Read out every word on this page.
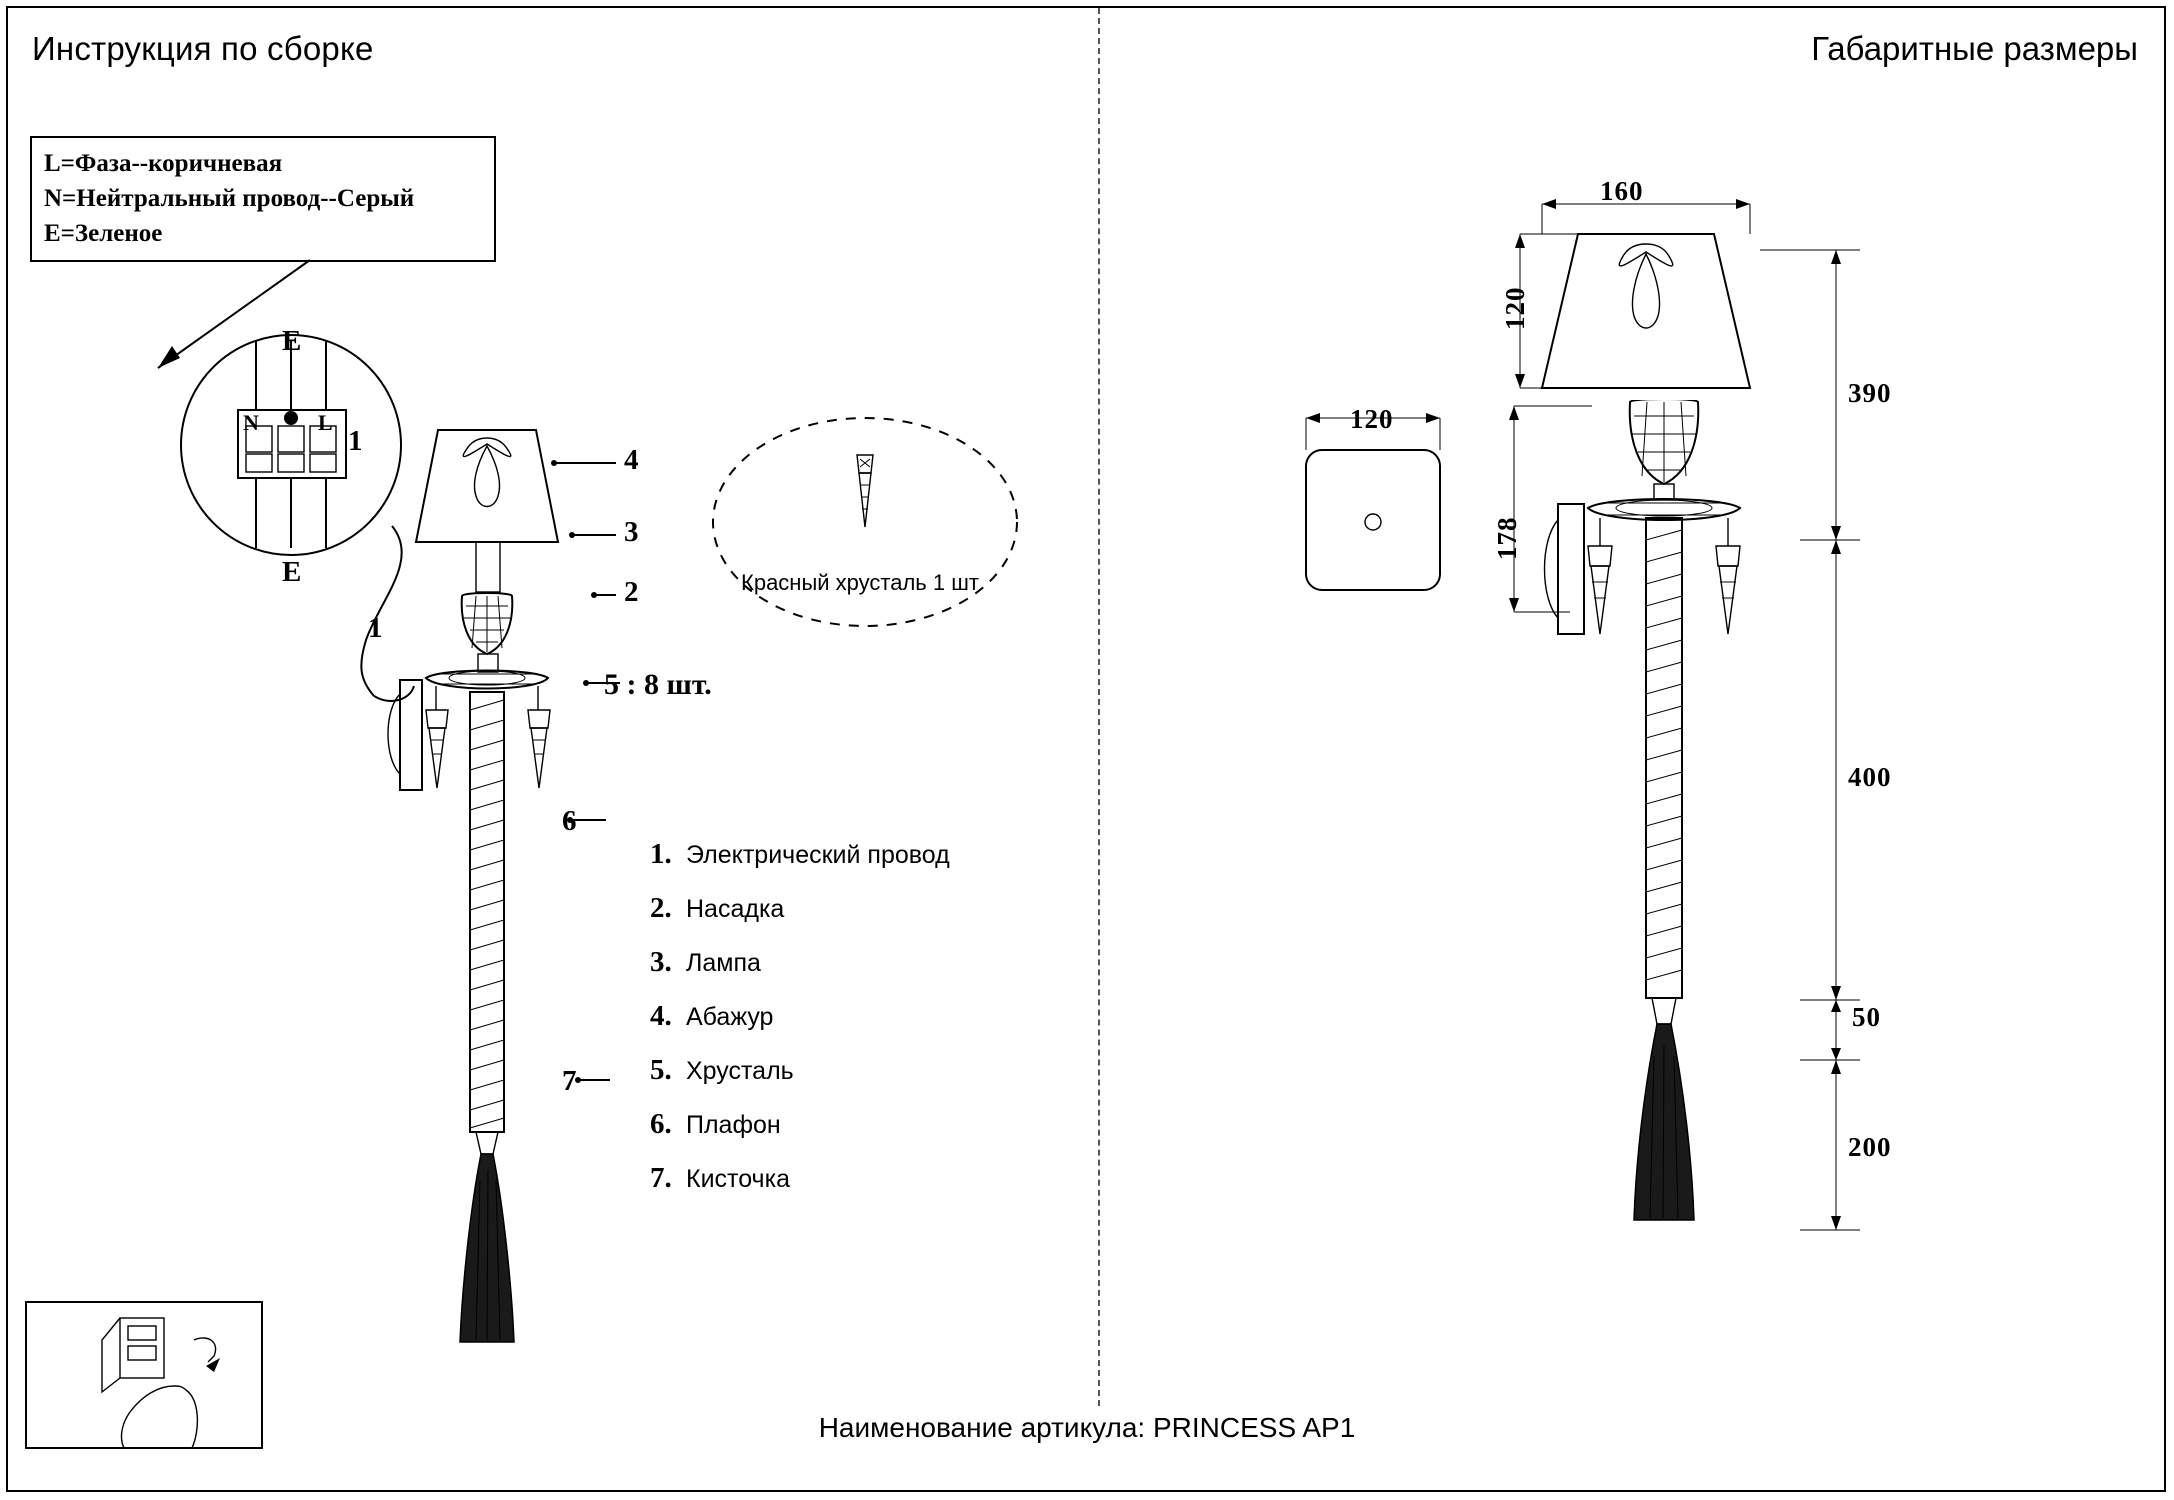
Инструкция по сборке	Габаритные размеры
Наименование артикула: PRINCESS AP1
L=Фаза--коричневая
N=Нейтральный провод--Серый
E=Зеленое
E
E
N	L
1
1
4
3
2
5 : 8 шт.
6
7
Красный хрусталь 1 шт
1. Электрический провод
2. Насадка
3. Лампа
4. Абажур
5. Хрусталь
6. Плафон
7. Кисточка
160
120
120
178
390
400
50
200
